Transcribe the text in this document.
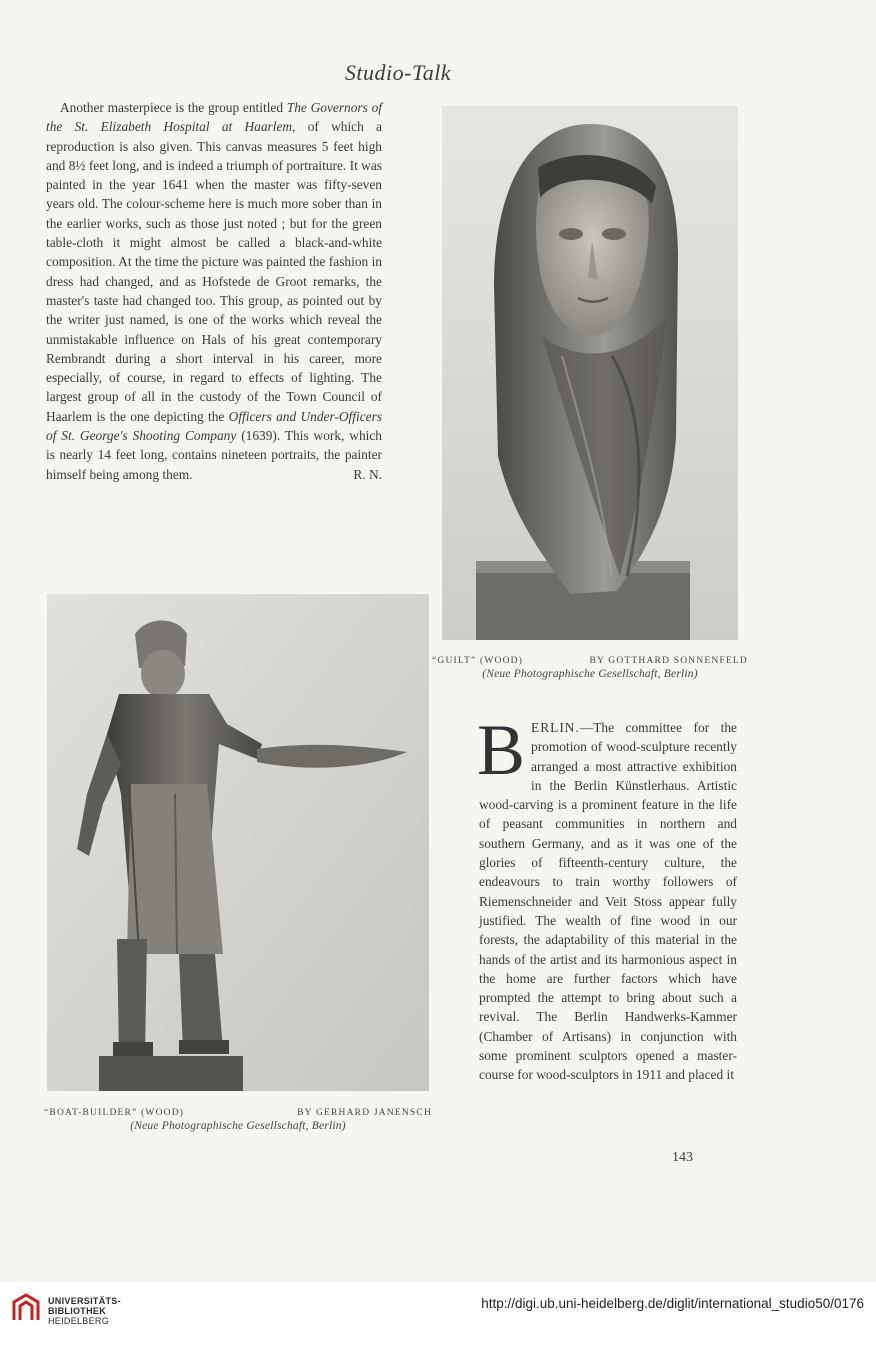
Studio-Talk

Another masterpiece is the group entitled The Governors of the St. Elizabeth Hospital at Haarlem, of which a reproduction is also given. This canvas measures 5 feet high and 8½ feet long, and is indeed a triumph of portraiture. It was painted in the year 1641 when the master was fifty-seven years old. The colour-scheme here is much more sober than in the earlier works, such as those just noted ; but for the green table-cloth it might almost be called a black-and-white composition. At the time the picture was painted the fashion in dress had changed, and as Hofstede de Groot remarks, the master's taste had changed too. This group, as pointed out by the writer just named, is one of the works which reveal the unmistakable influence on Hals of his great contemporary Rembrandt during a short interval in his career, more especially, of course, in regard to effects of lighting. The largest group of all in the custody of the Town Council of Haarlem is the one depicting the Officers and Under-Officers of St. George's Shooting Company (1639). This work, which is nearly 14 feet long, contains nineteen portraits, the painter himself being among them.	R. N.
“GUILT” (WOOD)	BY GOTTHARD SONNENFELD
(Neue Photographische Gesellschaft, Berlin)
“BOAT-BUILDER” (WOOD)	BY GERHARD JANENSCH
(Neue Photographische Gesellschaft, Berlin)

BERLIN.—The committee for the promotion of wood-sculpture recently arranged a most attractive exhibition in the Berlin Künstlerhaus. Artistic wood-carving is a prominent feature in the life of peasant communities in northern and southern Germany, and as it was one of the glories of fifteenth-century culture, the endeavours to train worthy followers of Riemenschneider and Veit Stoss appear fully justified. The wealth of fine wood in our forests, the adaptability of this material in the hands of the artist and its harmonious aspect in the home are further factors which have prompted the attempt to bring about such a revival. The Berlin Handwerks-Kammer (Chamber of Artisans) in conjunction with some prominent sculptors opened a master-course for wood-sculptors in 1911 and placed it

143
UNIVERSITÄTS-
BIBLIOTHEK
HEIDELBERG
http://digi.ub.uni-heidelberg.de/diglit/international_studio50/0176
